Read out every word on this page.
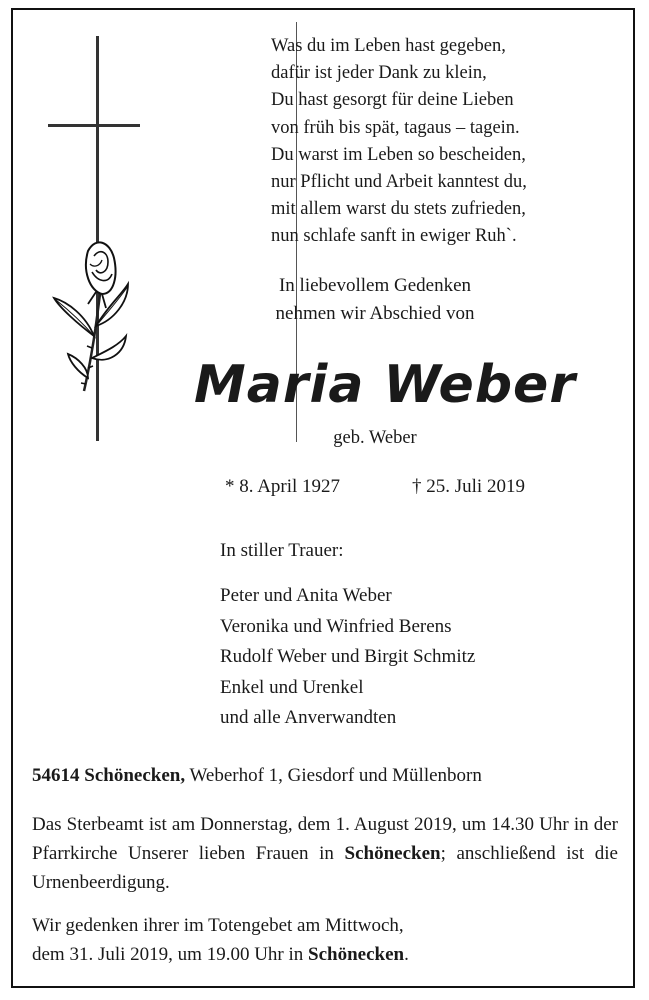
Was du im Leben hast gegeben,
dafür ist jeder Dank zu klein,
Du hast gesorgt für deine Lieben
von früh bis spät, tagaus – tagein.
Du warst im Leben so bescheiden,
nur Pflicht und Arbeit kanntest du,
mit allem warst du stets zufrieden,
nun schlafe sanft in ewiger Ruh`.
In liebevollem Gedenken
nehmen wir Abschied von
Maria Weber
geb. Weber
* 8. April 1927	† 25. Juli 2019
In stiller Trauer:
Peter und Anita Weber
Veronika und Winfried Berens
Rudolf Weber und Birgit Schmitz
Enkel und Urenkel
und alle Anverwandten
54614 Schönecken, Weberhof 1, Giesdorf und Müllenborn
Das Sterbeamt ist am Donnerstag, dem 1. August 2019, um 14.30 Uhr in der Pfarrkirche Unserer lieben Frauen in Schönecken; anschließend ist die Urnenbeerdigung.
Wir gedenken ihrer im Totengebet am Mittwoch,
dem 31. Juli 2019, um 19.00 Uhr in Schönecken.
